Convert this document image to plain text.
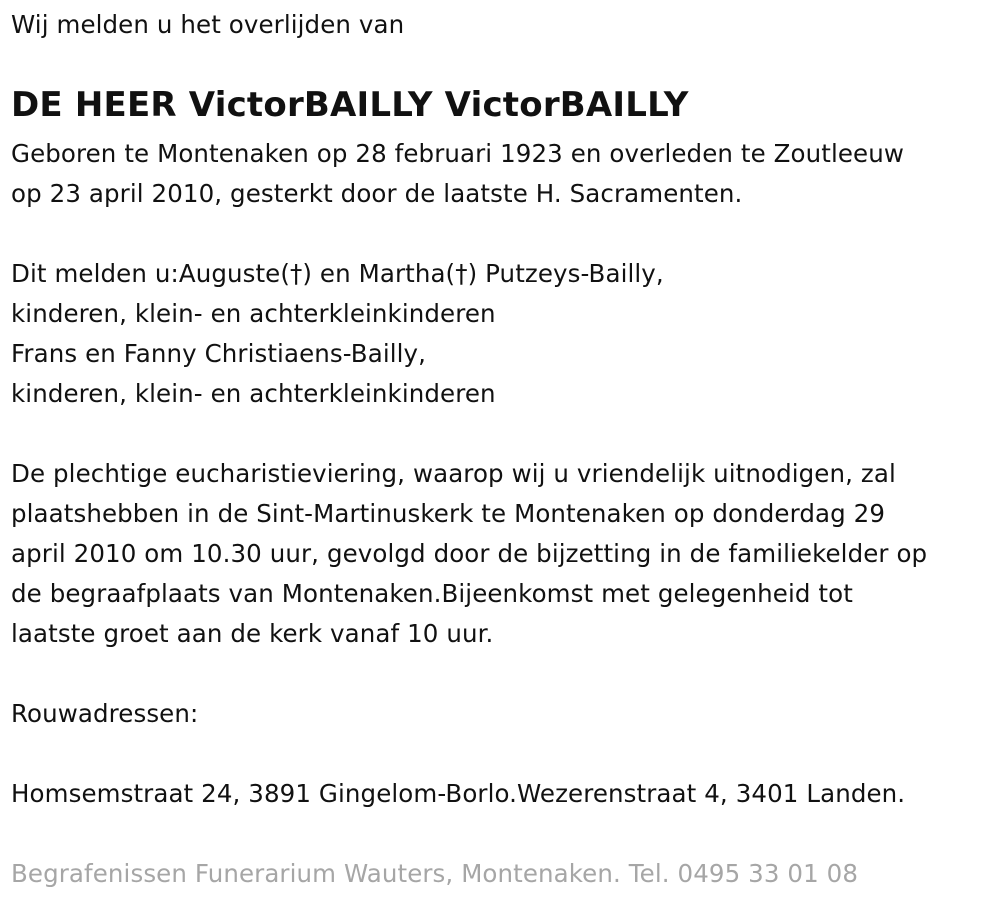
Wij melden u het overlijden van

DE HEER VictorBAILLY VictorBAILLY

Geboren te Montenaken op 28 februari 1923 en overleden te Zoutleeuw

op 23 april 2010, gesterkt door de laatste H. Sacramenten.

Dit melden u:Auguste(†) en Martha(†) Putzeys-Bailly,

kinderen, klein- en achterkleinkinderen

Frans en Fanny Christiaens-Bailly,

kinderen, klein- en achterkleinkinderen

De plechtige eucharistieviering, waarop wij u vriendelijk uitnodigen, zal

plaatshebben in de Sint-Martinuskerk te Montenaken op donderdag 29

april 2010 om 10.30 uur, gevolgd door de bijzetting in de familiekelder op

de begraafplaats van Montenaken.Bijeenkomst met gelegenheid tot

laatste groet aan de kerk vanaf 10 uur.

Rouwadressen:

Homsemstraat 24, 3891 Gingelom-Borlo.Wezerenstraat 4, 3401 Landen.

Begrafenissen Funerarium Wauters, Montenaken. Tel. 0495 33 01 08
